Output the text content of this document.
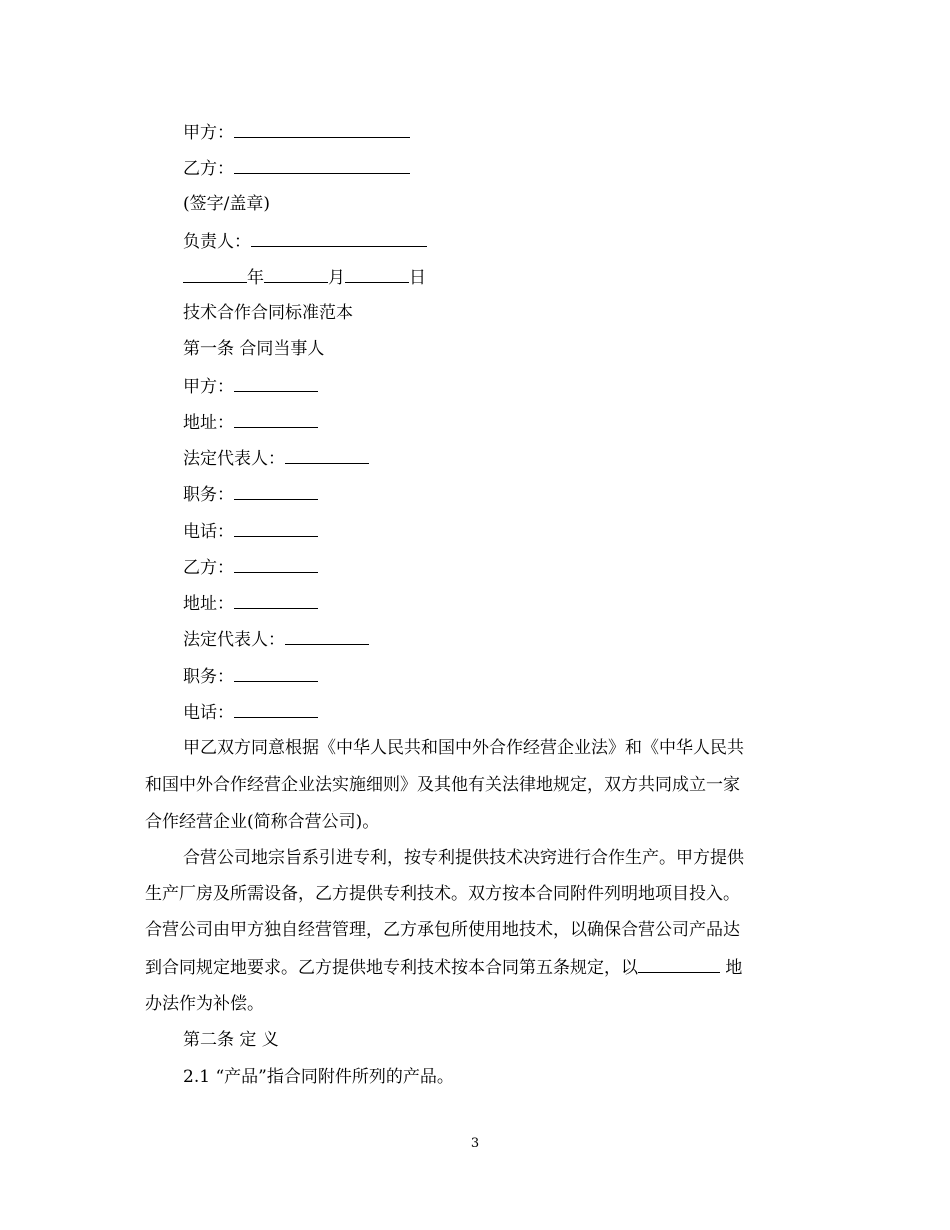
甲方：
乙方：
(签字/盖章)
负责人：
年	月	日
技术合作合同标准范本
第一条 合同当事人
甲方：
地址：
法定代表人：
职务：
电话：
乙方：
地址：
法定代表人：
职务：
电话：
甲乙双方同意根据《中华人民共和国中外合作经营企业法》和《中华人民共
和国中外合作经营企业法实施细则》及其他有关法律地规定，双方共同成立一家
合作经营企业(简称合营公司)。
合营公司地宗旨系引进专利，按专利提供技术决窍进行合作生产。甲方提供
生产厂房及所需设备，乙方提供专利技术。双方按本合同附件列明地项目投入。
合营公司由甲方独自经营管理，乙方承包所使用地技术，以确保合营公司产品达
到合同规定地要求。乙方提供地专利技术按本合同第五条规定，以	地
办法作为补偿。
第二条 定 义
2.1 “产品”指合同附件所列的产品。
3
